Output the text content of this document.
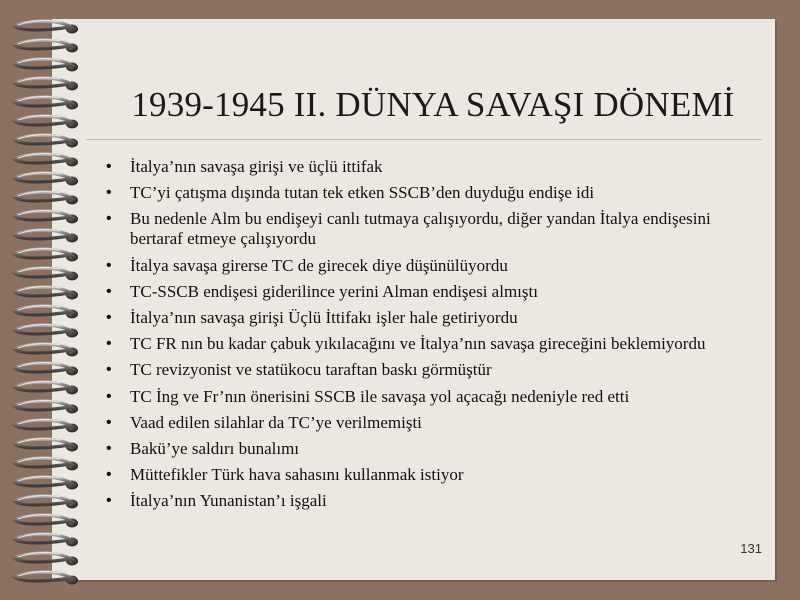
1939-1945 II. DÜNYA SAVAŞI DÖNEMİ
• İtalya’nın savaşa girişi ve üçlü ittifak
• TC’yi çatışma dışında tutan tek etken SSCB’den duyduğu endişe idi
• Bu nedenle Alm bu endişeyi canlı tutmaya çalışıyordu, diğer yandan İtalya endişesini bertaraf etmeye çalışıyordu
• İtalya savaşa girerse TC de girecek diye düşünülüyordu
• TC-SSCB endişesi giderilince yerini Alman endişesi almıştı
• İtalya’nın savaşa girişi Üçlü İttifakı işler hale getiriyordu
• TC FR nın bu kadar çabuk yıkılacağını ve İtalya’nın savaşa gireceğini beklemiyordu
• TC revizyonist ve statükocu taraftan baskı görmüştür
• TC İng ve Fr’nın önerisini SSCB ile savaşa yol açacağı nedeniyle red etti
• Vaad edilen silahlar da TC’ye verilmemişti
• Bakü’ye saldırı bunalımı
• Müttefikler Türk hava sahasını kullanmak istiyor
• İtalya’nın Yunanistan’ı işgali
131
